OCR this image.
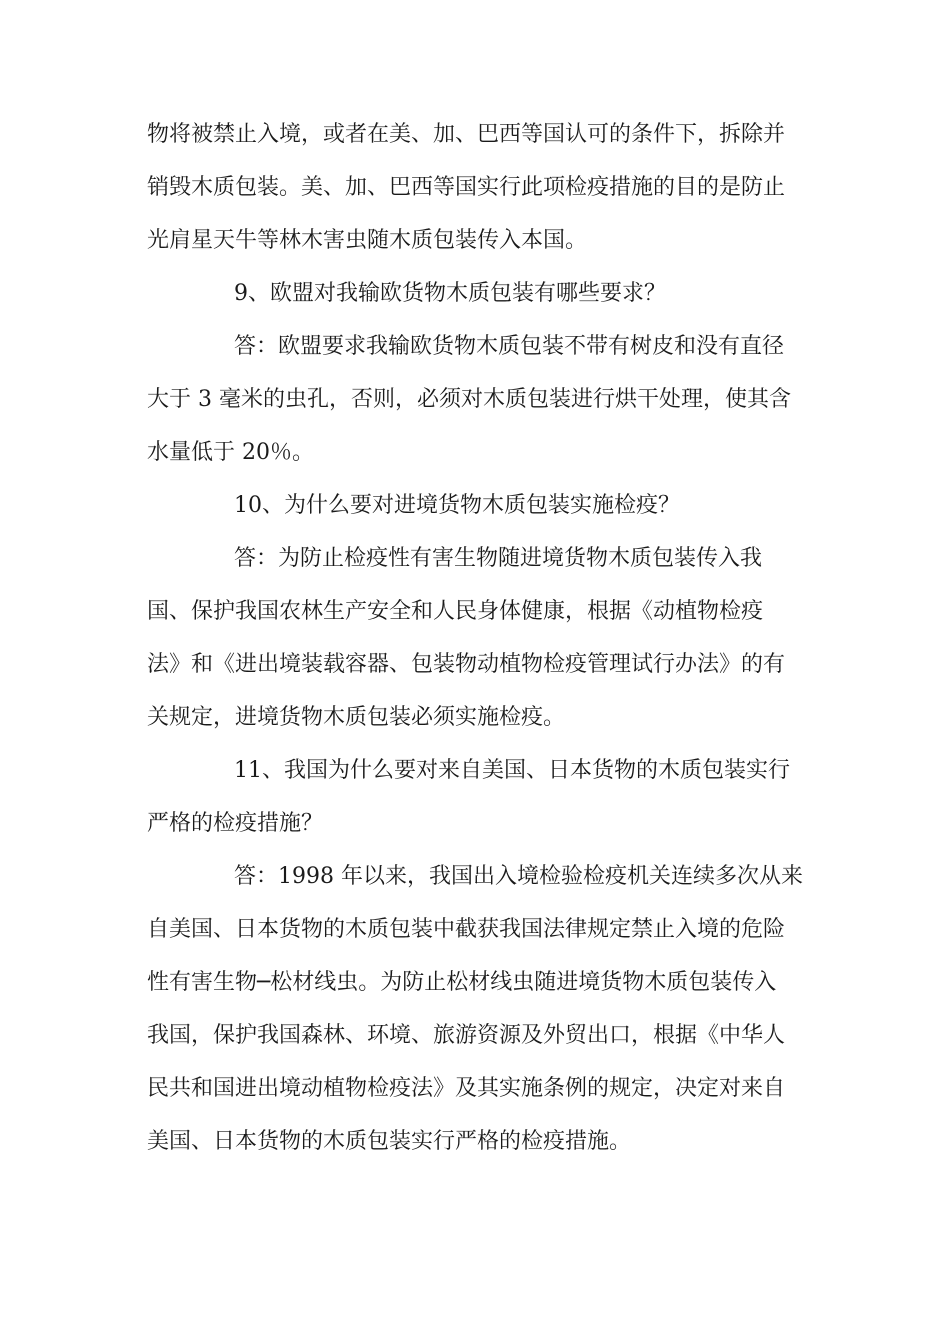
物将被禁止入境，或者在美、加、巴西等国认可的条件下，拆除并
销毁木质包装。美、加、巴西等国实行此项检疫措施的目的是防止
光肩星天牛等林木害虫随木质包装传入本国。
9、欧盟对我输欧货物木质包装有哪些要求？
答：欧盟要求我输欧货物木质包装不带有树皮和没有直径
大于 3 毫米的虫孔，否则，必须对木质包装进行烘干处理，使其含
水量低于 20％。
10、为什么要对进境货物木质包装实施检疫？
答：为防止检疫性有害生物随进境货物木质包装传入我
国、保护我国农林生产安全和人民身体健康，根据《动植物检疫
法》和《进出境装载容器、包装物动植物检疫管理试行办法》的有
关规定，进境货物木质包装必须实施检疫。
11、我国为什么要对来自美国、日本货物的木质包装实行
严格的检疫措施？
答：1998 年以来，我国出入境检验检疫机关连续多次从来
自美国、日本货物的木质包装中截获我国法律规定禁止入境的危险
性有害生物─松材线虫。为防止松材线虫随进境货物木质包装传入
我国，保护我国森林、环境、旅游资源及外贸出口，根据《中华人
民共和国进出境动植物检疫法》及其实施条例的规定，决定对来自
美国、日本货物的木质包装实行严格的检疫措施。
